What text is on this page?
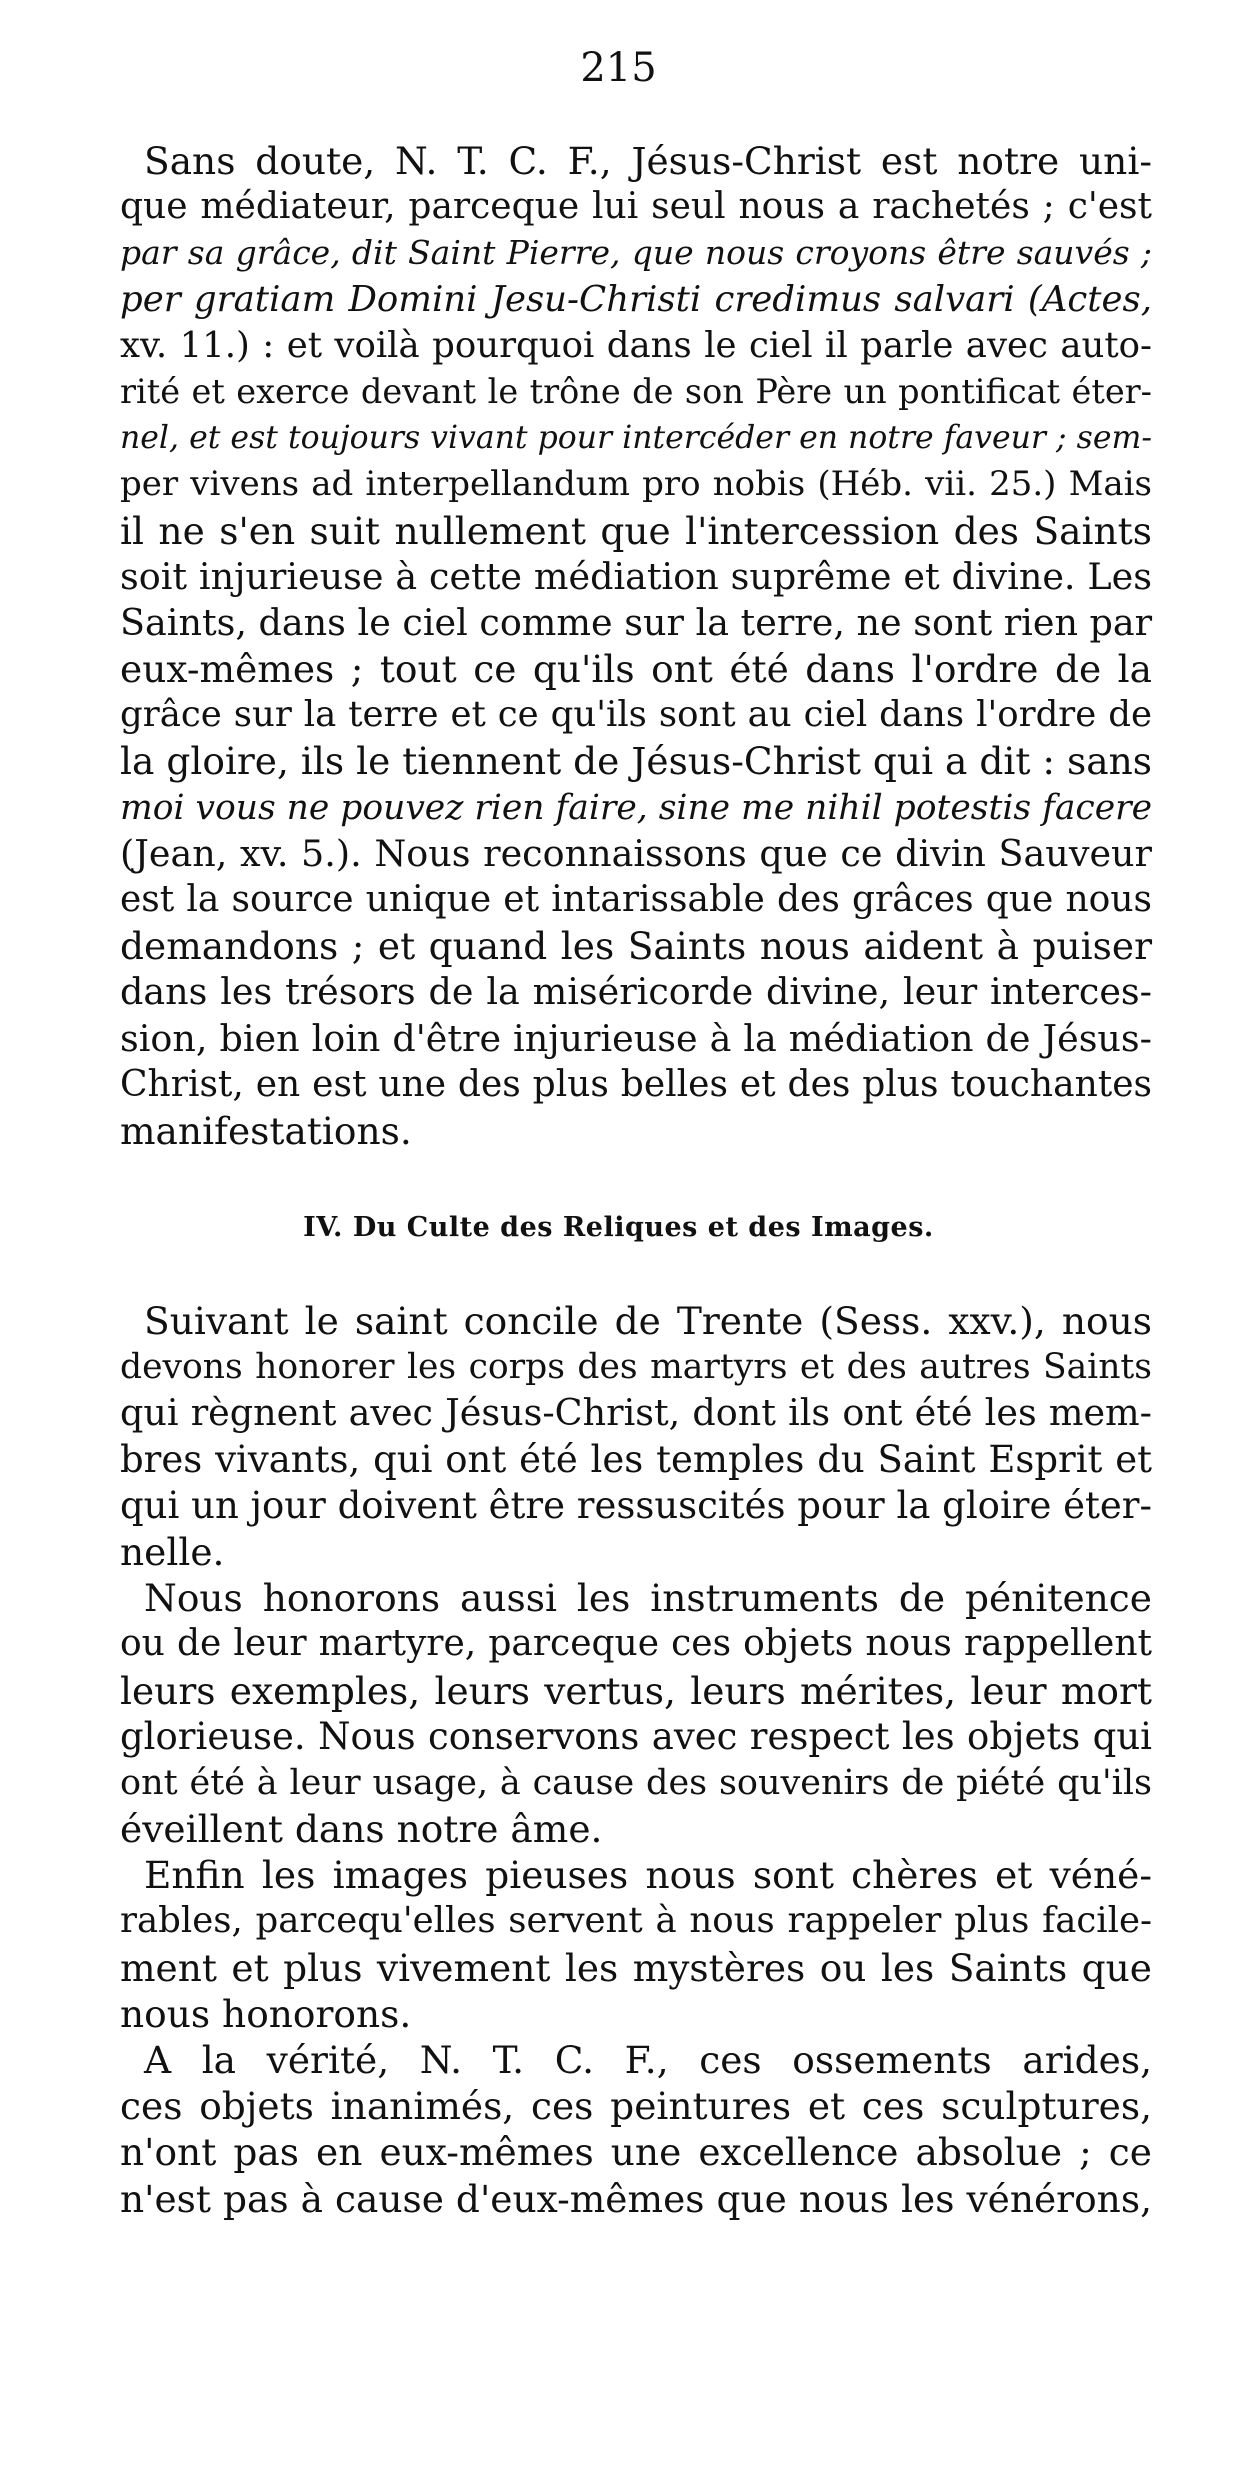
215
Sans doute, N. T. C. F., Jésus-Christ est notre uni-
que médiateur, parceque lui seul nous a rachetés ; c'est
par sa grâce, dit Saint Pierre, que nous croyons être sauvés ;
per gratiam Domini Jesu-Christi credimus salvari (Actes,
xv. 11.) : et voilà pourquoi dans le ciel il parle avec auto-
rité et exerce devant le trône de son Père un pontificat éter-
nel, et est toujours vivant pour intercéder en notre faveur ; sem-
per vivens ad interpellandum pro nobis (Héb. vii. 25.) Mais
il ne s'en suit nullement que l'intercession des Saints
soit injurieuse à cette médiation suprême et divine. Les
Saints, dans le ciel comme sur la terre, ne sont rien par
eux-mêmes ; tout ce qu'ils ont été dans l'ordre de la
grâce sur la terre et ce qu'ils sont au ciel dans l'ordre de
la gloire, ils le tiennent de Jésus-Christ qui a dit : sans
moi vous ne pouvez rien faire, sine me nihil potestis facere
(Jean, xv. 5.). Nous reconnaissons que ce divin Sauveur
est la source unique et intarissable des grâces que nous
demandons ; et quand les Saints nous aident à puiser
dans les trésors de la miséricorde divine, leur interces-
sion, bien loin d'être injurieuse à la médiation de Jésus-
Christ, en est une des plus belles et des plus touchantes
manifestations.
IV. Du Culte des Reliques et des Images.
Suivant le saint concile de Trente (Sess. xxv.), nous
devons honorer les corps des martyrs et des autres Saints
qui règnent avec Jésus-Christ, dont ils ont été les mem-
bres vivants, qui ont été les temples du Saint Esprit et
qui un jour doivent être ressuscités pour la gloire éter-
nelle.
Nous honorons aussi les instruments de pénitence
ou de leur martyre, parceque ces objets nous rappellent
leurs exemples, leurs vertus, leurs mérites, leur mort
glorieuse. Nous conservons avec respect les objets qui
ont été à leur usage, à cause des souvenirs de piété qu'ils
éveillent dans notre âme.
Enfin les images pieuses nous sont chères et véné-
rables, parcequ'elles servent à nous rappeler plus facile-
ment et plus vivement les mystères ou les Saints que
nous honorons.
A la vérité, N. T. C. F., ces ossements arides,
ces objets inanimés, ces peintures et ces sculptures,
n'ont pas en eux-mêmes une excellence absolue ; ce
n'est pas à cause d'eux-mêmes que nous les vénérons,
